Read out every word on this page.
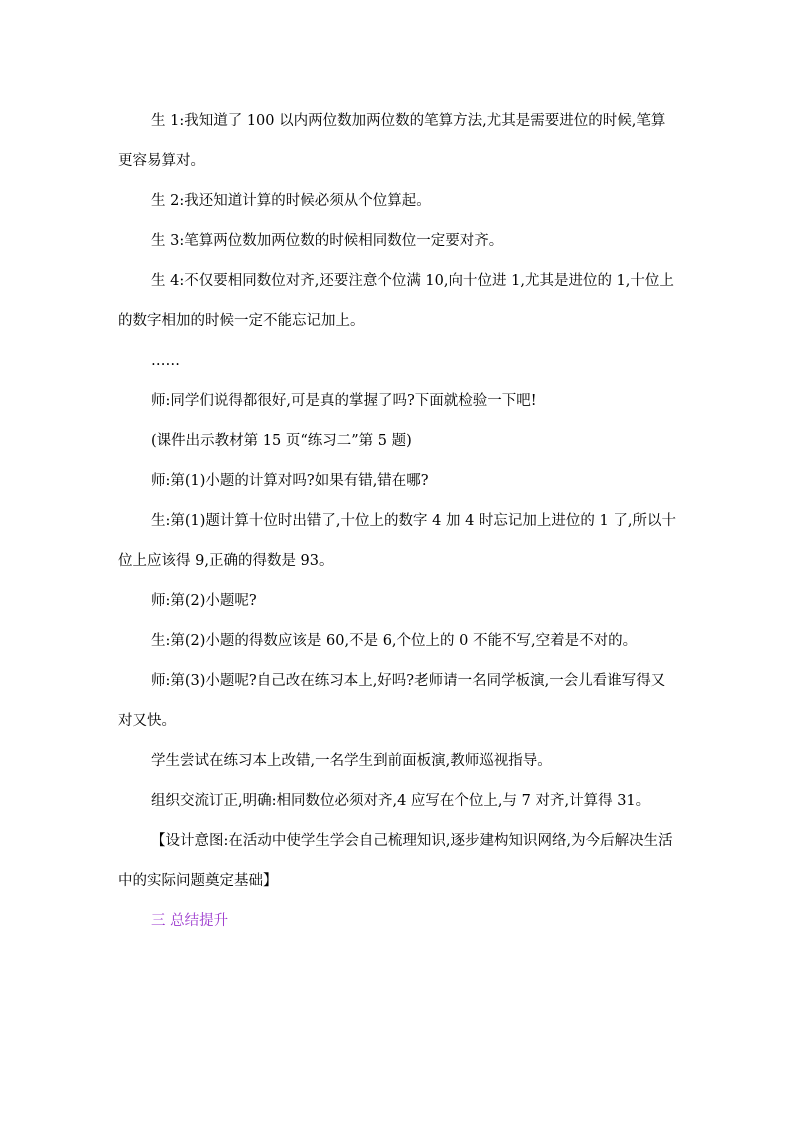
生 1:我知道了 100 以内两位数加两位数的笔算方法,尤其是需要进位的时候,笔算更容易算对。

生 2:我还知道计算的时候必须从个位算起。

生 3:笔算两位数加两位数的时候相同数位一定要对齐。

生 4:不仅要相同数位对齐,还要注意个位满 10,向十位进 1,尤其是进位的 1,十位上的数字相加的时候一定不能忘记加上。

……

师:同学们说得都很好,可是真的掌握了吗?下面就检验一下吧!

(课件出示教材第 15 页“练习二”第 5 题)

师:第(1)小题的计算对吗?如果有错,错在哪?

生:第(1)题计算十位时出错了,十位上的数字 4 加 4 时忘记加上进位的 1 了,所以十位上应该得 9,正确的得数是 93。

师:第(2)小题呢?

生:第(2)小题的得数应该是 60,不是 6,个位上的 0 不能不写,空着是不对的。

师:第(3)小题呢?自己改在练习本上,好吗?老师请一名同学板演,一会儿看谁写得又对又快。

学生尝试在练习本上改错,一名学生到前面板演,教师巡视指导。

组织交流订正,明确:相同数位必须对齐,4 应写在个位上,与 7 对齐,计算得 31。

【设计意图:在活动中使学生学会自己梳理知识,逐步建构知识网络,为今后解决生活中的实际问题奠定基础】

三 总结提升
